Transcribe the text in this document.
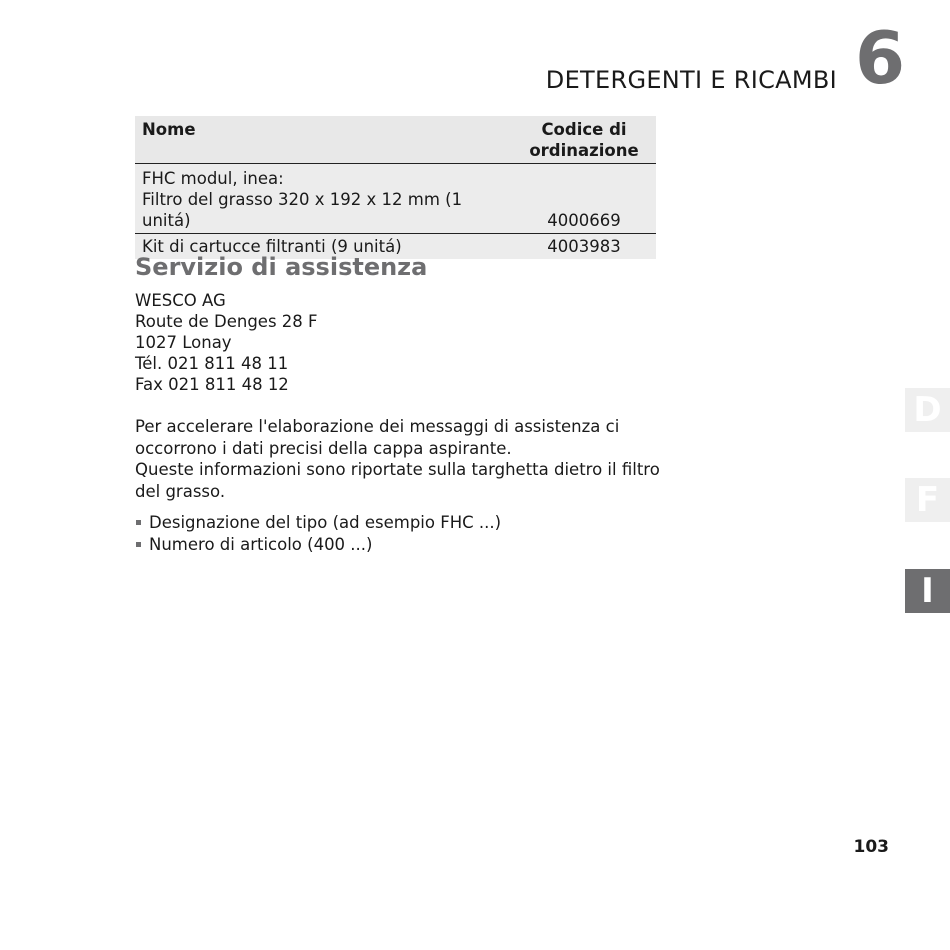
DETERGENTI E RICAMBI 6
Nome	Codice di
ordinazione
FHC modul, inea:
Filtro del grasso 320 x 192 x 12 mm (1 unitá)	4000669
Kit di cartucce filtranti (9 unitá)	4003983
Servizio di assistenza
WESCO AG
Route de Denges 28 F
1027 Lonay
Tél. 021 811 48 11
Fax 021 811 48 12

Per accelerare l'elaborazione dei messaggi di assistenza ci occorrono i dati precisi della cappa aspirante.

Queste informazioni sono riportate sulla targhetta dietro il filtro del grasso.

Designazione del tipo (ad esempio FHC ...)
Numero di articolo (400 ...)
D
F
I
103
